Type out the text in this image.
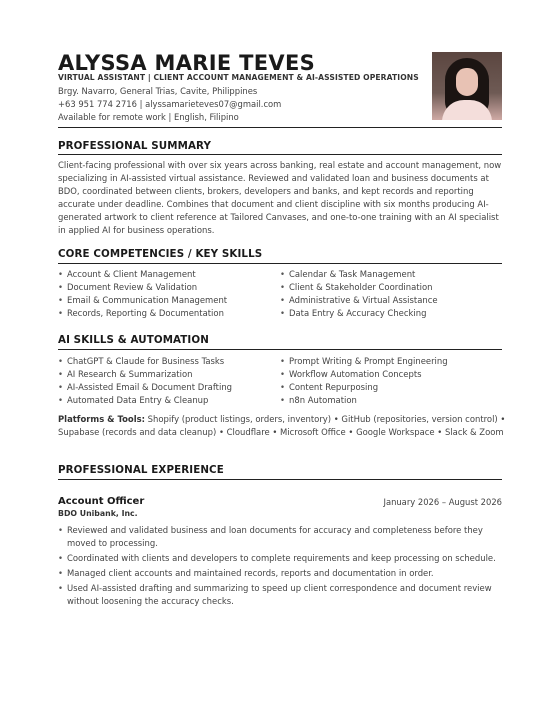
ALYSSA MARIE TEVES
VIRTUAL ASSISTANT | CLIENT ACCOUNT MANAGEMENT & AI-ASSISTED OPERATIONS
Brgy. Navarro, General Trias, Cavite, Philippines
+63 951 774 2716 | alyssamarieteves07@gmail.com
Available for remote work | English, Filipino
PROFESSIONAL SUMMARY
Client-facing professional with over six years across banking, real estate and account management, now specializing in AI-assisted virtual assistance. Reviewed and validated loan and business documents at BDO, coordinated between clients, brokers, developers and banks, and kept records and reporting accurate under deadline. Combines that document and client discipline with six months producing AI-generated artwork to client reference at Tailored Canvases, and one-to-one training with an AI specialist in applied AI for business operations.
CORE COMPETENCIES / KEY SKILLS
• Account & Client Management
• Document Review & Validation
• Email & Communication Management
• Records, Reporting & Documentation
• Calendar & Task Management
• Client & Stakeholder Coordination
• Administrative & Virtual Assistance
• Data Entry & Accuracy Checking
AI SKILLS & AUTOMATION
• ChatGPT & Claude for Business Tasks
• AI Research & Summarization
• AI-Assisted Email & Document Drafting
• Automated Data Entry & Cleanup
• Prompt Writing & Prompt Engineering
• Workflow Automation Concepts
• Content Repurposing
• n8n Automation
Platforms & Tools: Shopify (product listings, orders, inventory) • GitHub (repositories, version control) • Supabase (records and data cleanup) • Cloudflare • Microsoft Office • Google Workspace • Slack & Zoom
PROFESSIONAL EXPERIENCE
Account Officer	January 2026 – August 2026
BDO Unibank, Inc.
• Reviewed and validated business and loan documents for accuracy and completeness before they moved to processing.
• Coordinated with clients and developers to complete requirements and keep processing on schedule.
• Managed client accounts and maintained records, reports and documentation in order.
• Used AI-assisted drafting and summarizing to speed up client correspondence and document review without loosening the accuracy checks.
